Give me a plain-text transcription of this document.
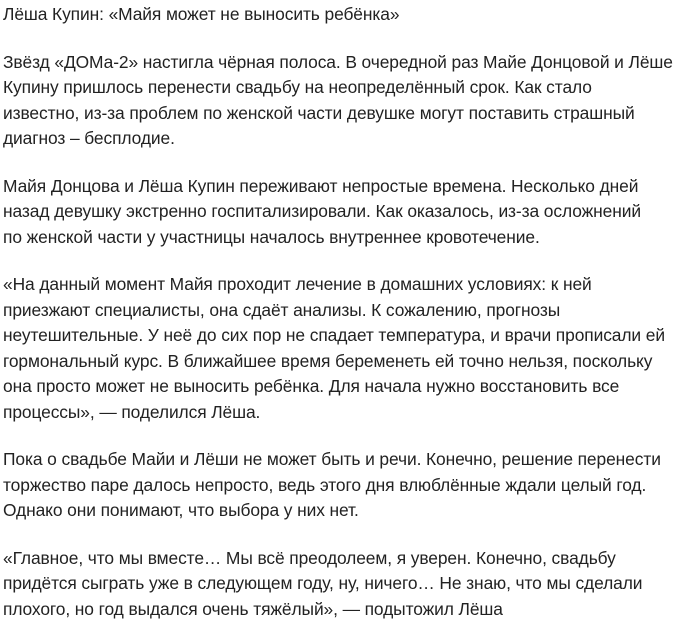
Лёша Купин: «Майя может не выносить ребёнка»

Звёзд «ДОМа-2» настигла чёрная полоса. В очередной раз Майе Донцовой и Лёше
Купину пришлось перенести свадьбу на неопределённый срок. Как стало
известно, из-за проблем по женской части девушке могут поставить страшный
диагноз – бесплодие.

Майя Донцова и Лёша Купин переживают непростые времена. Несколько дней
назад девушку экстренно госпитализировали. Как оказалось, из-за осложнений
по женской части у участницы началось внутреннее кровотечение.

«На данный момент Майя проходит лечение в домашних условиях: к ней
приезжают специалисты, она сдаёт анализы. К сожалению, прогнозы
неутешительные. У неё до сих пор не спадает температура, и врачи прописали ей
гормональный курс. В ближайшее время беременеть ей точно нельзя, поскольку
она просто может не выносить ребёнка. Для начала нужно восстановить все
процессы», — поделился Лёша.

Пока о свадьбе Майи и Лёши не может быть и речи. Конечно, решение перенести
торжество паре далось непросто, ведь этого дня влюблённые ждали целый год.
Однако они понимают, что выбора у них нет.

«Главное, что мы вместе… Мы всё преодолеем, я уверен. Конечно, свадьбу
придётся сыграть уже в следующем году, ну, ничего… Не знаю, что мы сделали
плохого, но год выдался очень тяжёлый», — подытожил Лёша
